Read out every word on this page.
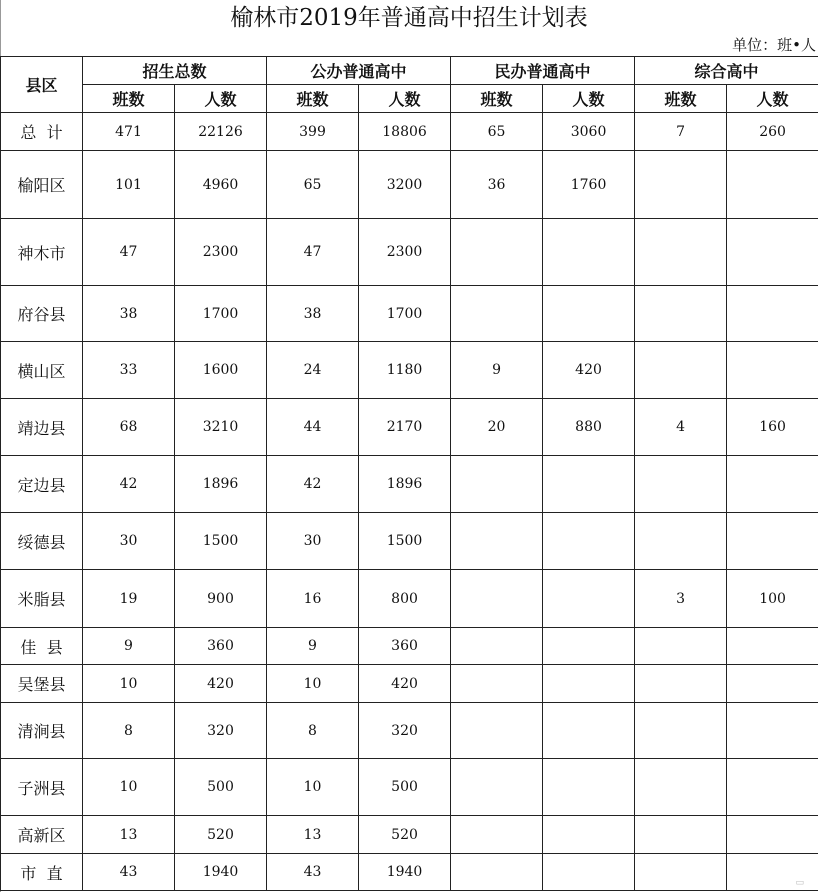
榆林市2019年普通高中招生计划表
单位：班•人
县区	招生总数	公办普通高中	民办普通高中	综合高中
班数	人数	班数	人数	班数	人数	班数	人数
总  计	471	22126	399	18806	65	3060	7	260
榆阳区	101	4960	65	3200	36	1760		
神木市	47	2300	47	2300				
府谷县	38	1700	38	1700				
横山区	33	1600	24	1180	9	420		
靖边县	68	3210	44	2170	20	880	4	160
定边县	42	1896	42	1896				
绥德县	30	1500	30	1500				
米脂县	19	900	16	800			3	100
佳  县	9	360	9	360				
吴堡县	10	420	10	420				
清涧县	8	320	8	320				
子洲县	10	500	10	500				
高新区	13	520	13	520				
市  直	43	1940	43	1940				
▭
